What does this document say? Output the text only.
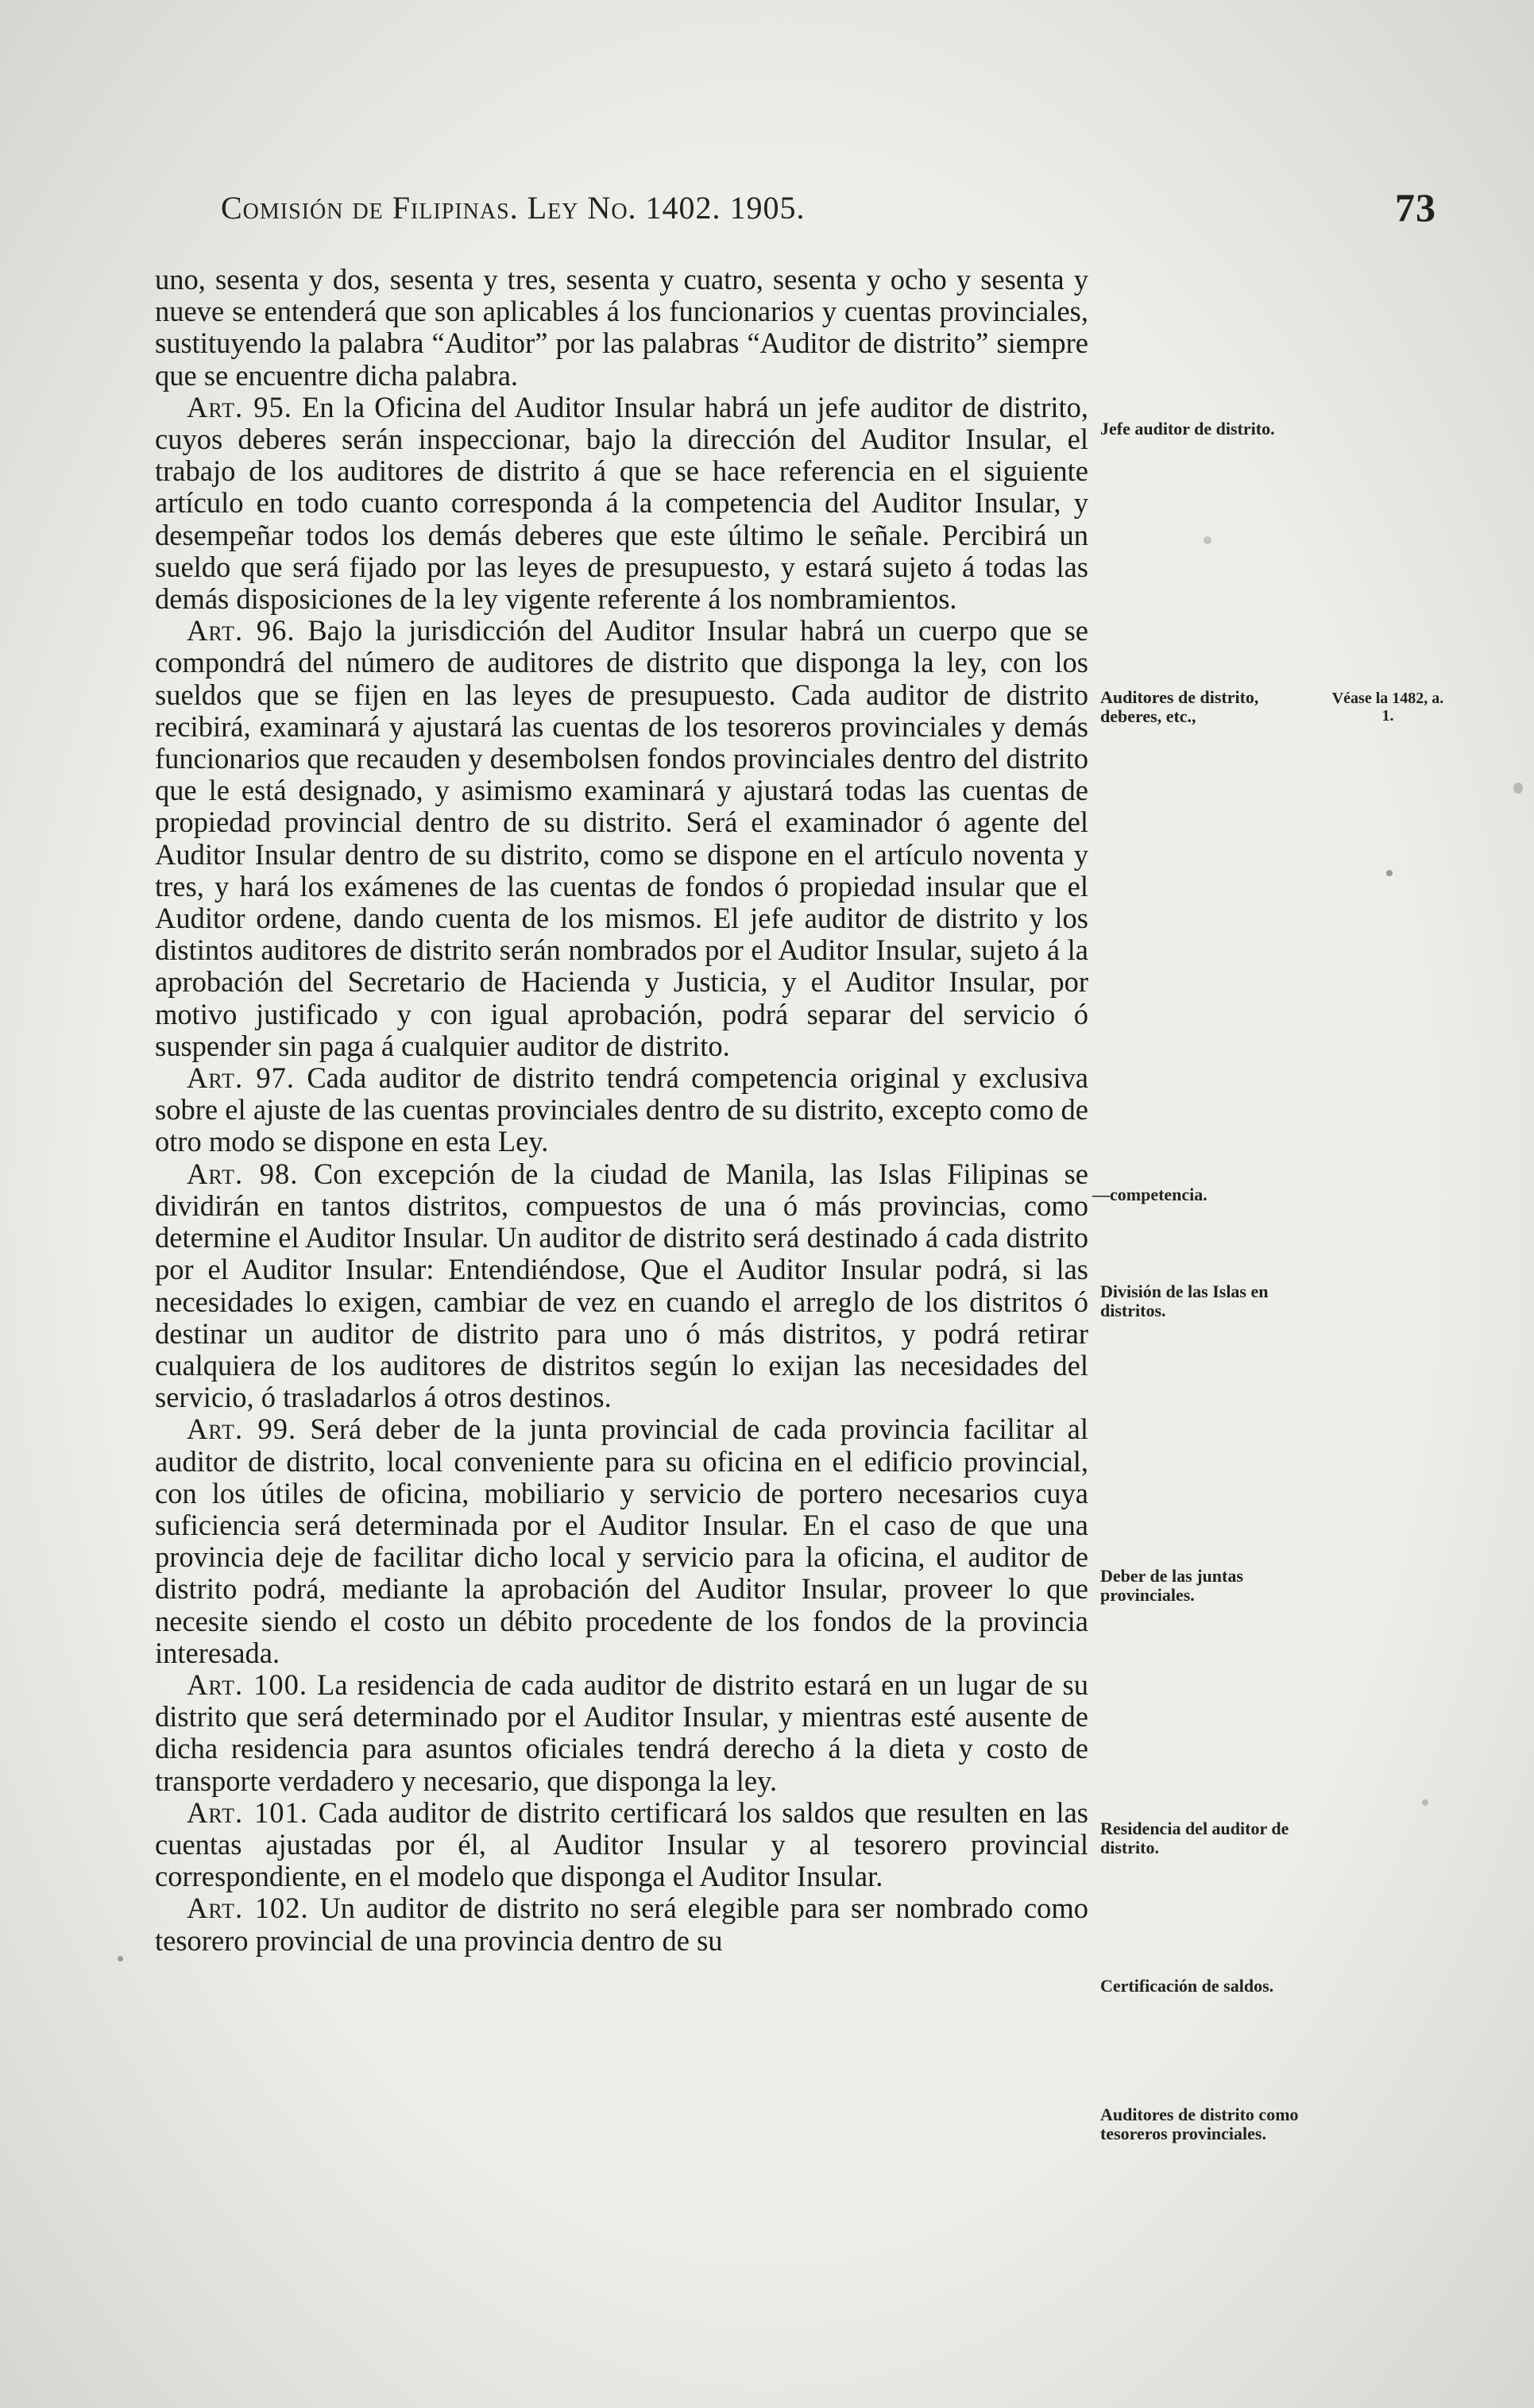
Comisión de Filipinas. Ley No. 1402. 1905.	73

uno, sesenta y dos, sesenta y tres, sesenta y cuatro, sesenta y ocho y sesenta y nueve se entenderá que son aplicables á los funcionarios y cuentas provinciales, sustituyendo la palabra “Auditor” por las palabras “Auditor de distrito” siempre que se encuentre dicha palabra.

Art. 95. En la Oficina del Auditor Insular habrá un jefe auditor de distrito, cuyos deberes serán inspeccionar, bajo la dirección del Auditor Insular, el trabajo de los auditores de distrito á que se hace referencia en el siguiente artículo en todo cuanto corresponda á la competencia del Auditor Insular, y desempeñar todos los demás deberes que este último le señale. Percibirá un sueldo que será fijado por las leyes de presupuesto, y estará sujeto á todas las demás disposiciones de la ley vigente referente á los nombramientos.

Art. 96. Bajo la jurisdicción del Auditor Insular habrá un cuerpo que se compondrá del número de auditores de distrito que disponga la ley, con los sueldos que se fijen en las leyes de presupuesto. Cada auditor de distrito recibirá, examinará y ajustará las cuentas de los tesoreros provinciales y demás funcionarios que recauden y desembolsen fondos provinciales dentro del distrito que le está designado, y asimismo examinará y ajustará todas las cuentas de propiedad provincial dentro de su distrito. Será el examinador ó agente del Auditor Insular dentro de su distrito, como se dispone en el artículo noventa y tres, y hará los exámenes de las cuentas de fondos ó propiedad insular que el Auditor ordene, dando cuenta de los mismos. El jefe auditor de distrito y los distintos auditores de distrito serán nombrados por el Auditor Insular, sujeto á la aprobación del Secretario de Hacienda y Justicia, y el Auditor Insular, por motivo justificado y con igual aprobación, podrá separar del servicio ó suspender sin paga á cualquier auditor de distrito.

Art. 97. Cada auditor de distrito tendrá competencia original y exclusiva sobre el ajuste de las cuentas provinciales dentro de su distrito, excepto como de otro modo se dispone en esta Ley.

Art. 98. Con excepción de la ciudad de Manila, las Islas Filipinas se dividirán en tantos distritos, compuestos de una ó más provincias, como determine el Auditor Insular. Un auditor de distrito será destinado á cada distrito por el Auditor Insular: Entendiéndose, Que el Auditor Insular podrá, si las necesidades lo exigen, cambiar de vez en cuando el arreglo de los distritos ó destinar un auditor de distrito para uno ó más distritos, y podrá retirar cualquiera de los auditores de distritos según lo exijan las necesidades del servicio, ó trasladarlos á otros destinos.

Art. 99. Será deber de la junta provincial de cada provincia facilitar al auditor de distrito, local conveniente para su oficina en el edificio provincial, con los útiles de oficina, mobiliario y servicio de portero necesarios cuya suficiencia será determinada por el Auditor Insular. En el caso de que una provincia deje de facilitar dicho local y servicio para la oficina, el auditor de distrito podrá, mediante la aprobación del Auditor Insular, proveer lo que necesite siendo el costo un débito procedente de los fondos de la provincia interesada.

Art. 100. La residencia de cada auditor de distrito estará en un lugar de su distrito que será determinado por el Auditor Insular, y mientras esté ausente de dicha residencia para asuntos oficiales tendrá derecho á la dieta y costo de transporte verdadero y necesario, que disponga la ley.

Art. 101. Cada auditor de distrito certificará los saldos que resulten en las cuentas ajustadas por él, al Auditor Insular y al tesorero provincial correspondiente, en el modelo que disponga el Auditor Insular.

Art. 102. Un auditor de distrito no será elegible para ser nombrado como tesorero provincial de una provincia dentro de su

Jefe auditor de distrito.
Auditores de distrito, deberes, etc.,
—competencia.
División de las Islas en distritos.
Deber de las juntas provinciales.
Residencia del auditor de distrito.
Certificación de saldos.
Auditores de distrito como tesoreros provinciales.
Véase la 1482, a. 1.
